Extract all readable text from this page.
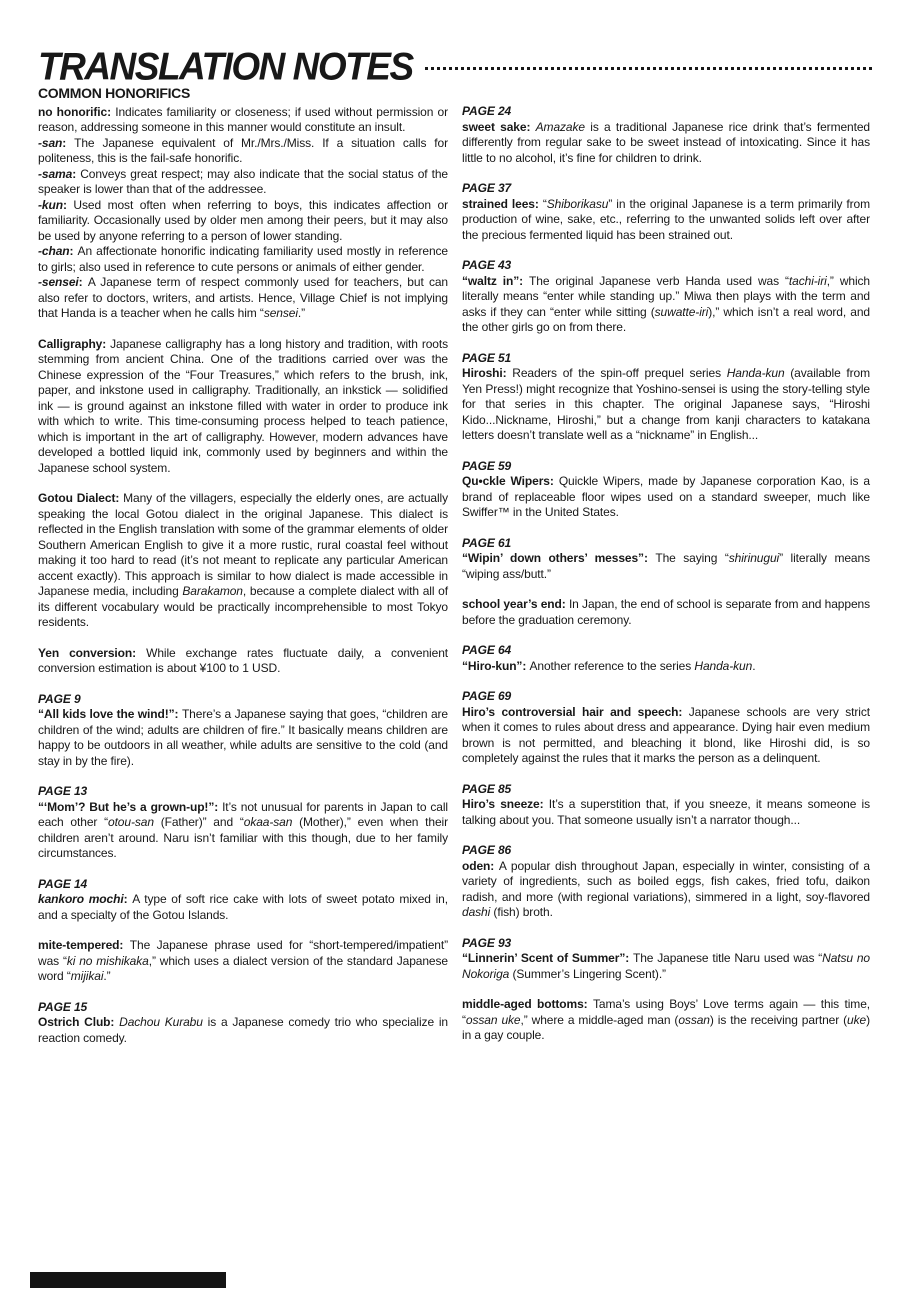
TRANSLATION NOTES
COMMON HONORIFICS

no honorific: Indicates familiarity or closeness; if used without permission or reason, addressing someone in this manner would constitute an insult.

-san: The Japanese equivalent of Mr./Mrs./Miss. If a situation calls for politeness, this is the fail-safe honorific.

-sama: Conveys great respect; may also indicate that the social status of the speaker is lower than that of the addressee.

-kun: Used most often when referring to boys, this indicates affection or familiarity. Occasionally used by older men among their peers, but it may also be used by anyone referring to a person of lower standing.

-chan: An affectionate honorific indicating familiarity used mostly in reference to girls; also used in reference to cute persons or animals of either gender.

-sensei: A Japanese term of respect commonly used for teachers, but can also refer to doctors, writers, and artists. Hence, Village Chief is not implying that Handa is a teacher when he calls him “sensei.”

Calligraphy: Japanese calligraphy has a long history and tradition, with roots stemming from ancient China. One of the traditions carried over was the Chinese expression of the “Four Treasures,” which refers to the brush, ink, paper, and inkstone used in calligraphy. Traditionally, an inkstick — solidified ink — is ground against an inkstone filled with water in order to produce ink with which to write. This time-consuming process helped to teach patience, which is important in the art of calligraphy. However, modern advances have developed a bottled liquid ink, commonly used by beginners and within the Japanese school system.

Gotou Dialect: Many of the villagers, especially the elderly ones, are actually speaking the local Gotou dialect in the original Japanese. This dialect is reflected in the English translation with some of the grammar elements of older Southern American English to give it a more rustic, rural coastal feel without making it too hard to read (it’s not meant to replicate any particular American accent exactly). This approach is similar to how dialect is made accessible in Japanese media, including Barakamon, because a complete dialect with all of its different vocabulary would be practically incomprehensible to most Tokyo residents.

Yen conversion: While exchange rates fluctuate daily, a convenient conversion estimation is about ¥100 to 1 USD.

PAGE 9

“All kids love the wind!”: There’s a Japanese saying that goes, “children are children of the wind; adults are children of fire.” It basically means children are happy to be outdoors in all weather, while adults are sensitive to the cold (and stay in by the fire).

PAGE 13

“‘Mom’? But he’s a grown-up!”: It’s not unusual for parents in Japan to call each other “otou-san (Father)” and “okaa-san (Mother),” even when their children aren’t around. Naru isn’t familiar with this though, due to her family circumstances.

PAGE 14

kankoro mochi: A type of soft rice cake with lots of sweet potato mixed in, and a specialty of the Gotou Islands.

mite-tempered: The Japanese phrase used for “short-tempered/impatient” was “ki no mishikaka,” which uses a dialect version of the standard Japanese word “mijikai.”

PAGE 15

Ostrich Club: Dachou Kurabu is a Japanese comedy trio who specialize in reaction comedy.

PAGE 24

sweet sake: Amazake is a traditional Japanese rice drink that’s fermented differently from regular sake to be sweet instead of intoxicating. Since it has little to no alcohol, it’s fine for children to drink.

PAGE 37

strained lees: “Shiborikasu” in the original Japanese is a term primarily from production of wine, sake, etc., referring to the unwanted solids left over after the precious fermented liquid has been strained out.

PAGE 43

“waltz in”: The original Japanese verb Handa used was “tachi-iri,” which literally means “enter while standing up.” Miwa then plays with the term and asks if they can “enter while sitting (suwatte-iri),” which isn’t a real word, and the other girls go on from there.

PAGE 51

Hiroshi: Readers of the spin-off prequel series Handa-kun (available from Yen Press!) might recognize that Yoshino-sensei is using the story-telling style for that series in this chapter. The original Japanese says, “Hiroshi Kido...Nickname, Hiroshi,” but a change from kanji characters to katakana letters doesn’t translate well as a “nickname” in English...

PAGE 59

Qu•ckle Wipers: Quickle Wipers, made by Japanese corporation Kao, is a brand of replaceable floor wipes used on a standard sweeper, much like Swiffer™ in the United States.

PAGE 61

“Wipin’ down others’ messes”: The saying “shirinugui” literally means “wiping ass/butt.”

school year’s end: In Japan, the end of school is separate from and happens before the graduation ceremony.

PAGE 64

“Hiro-kun”: Another reference to the series Handa-kun.

PAGE 69

Hiro’s controversial hair and speech: Japanese schools are very strict when it comes to rules about dress and appearance. Dying hair even medium brown is not permitted, and bleaching it blond, like Hiroshi did, is so completely against the rules that it marks the person as a delinquent.

PAGE 85

Hiro’s sneeze: It’s a superstition that, if you sneeze, it means someone is talking about you. That someone usually isn’t a narrator though...

PAGE 86

oden: A popular dish throughout Japan, especially in winter, consisting of a variety of ingredients, such as boiled eggs, fish cakes, fried tofu, daikon radish, and more (with regional variations), simmered in a light, soy-flavored dashi (fish) broth.

PAGE 93

“Linnerin’ Scent of Summer”: The Japanese title Naru used was “Natsu no Nokoriga (Summer’s Lingering Scent).”

middle-aged bottoms: Tama’s using Boys’ Love terms again — this time, “ossan uke,” where a middle-aged man (ossan) is the receiving partner (uke) in a gay couple.
